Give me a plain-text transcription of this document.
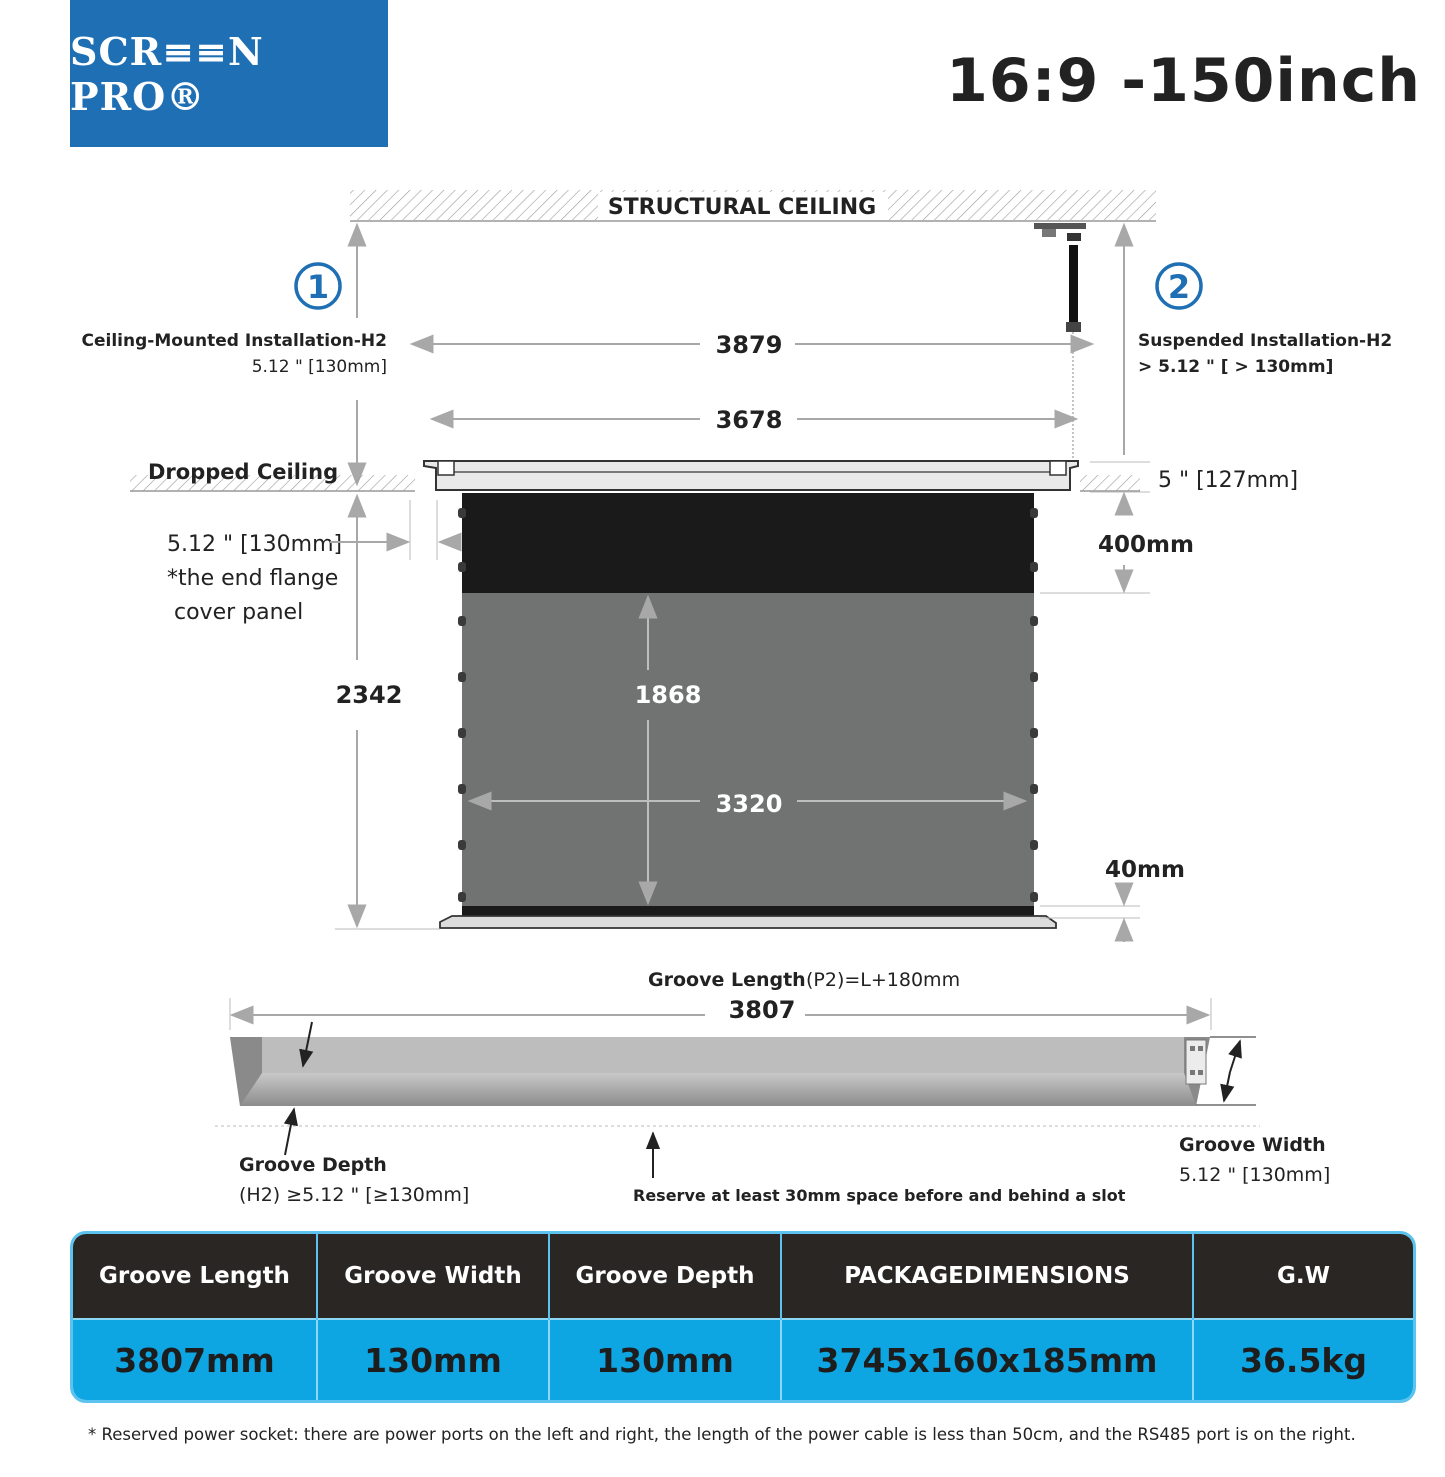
SCR≡≡N PRO®	16:9 -150inch
STRUCTURAL CEILING
1	2
Ceiling-Mounted Installation-H2
5.12 " [130mm]
Suspended Installation-H2
> 5.12 " [ > 130mm]
3879
3678
Dropped Ceiling	5 " [127mm]
400mm
40mm
5.12 " [130mm]
*the end flange
cover panel
2342	1868
3320
Groove Length (P2)=L+180mm
3807
Groove Depth
(H2) ≥5.12 " [≥130mm]	Reserve at least 30mm space before and behind a slot
Groove Width
5.12 " [130mm]
Groove Length	Groove Width	Groove Depth	PACKAGEDIMENSIONS	G.W
3807mm	130mm	130mm	3745x160x185mm	36.5kg
* Reserved power socket: there are power ports on the left and right, the length of the power cable is less than 50cm, and the RS485 port is on the right.
